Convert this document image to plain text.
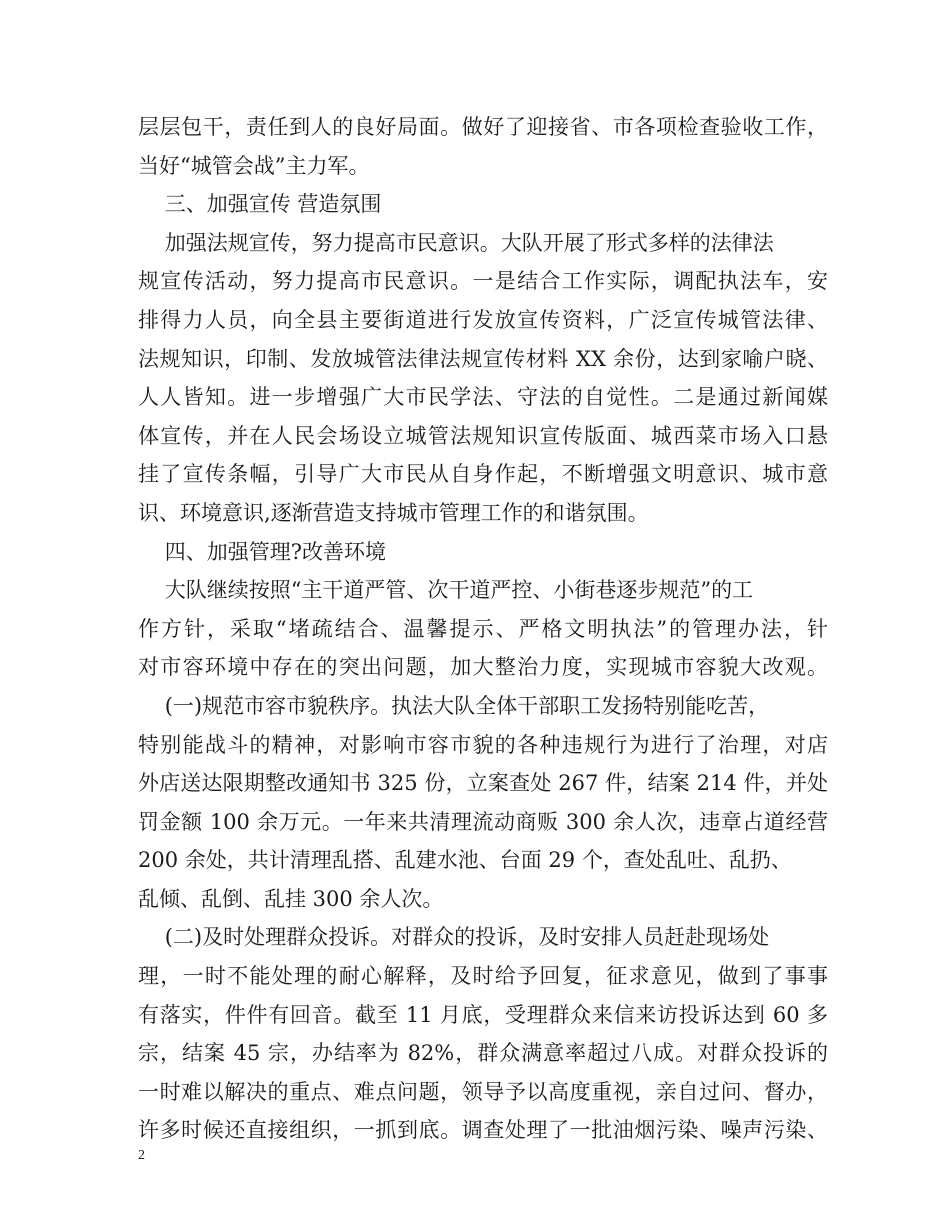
层层包干，责任到人的良好局面。做好了迎接省、市各项检查验收工作，
当好“城管会战”主力军。
三、加强宣传 营造氛围
加强法规宣传，努力提高市民意识。大队开展了形式多样的法律法
规宣传活动，努力提高市民意识。一是结合工作实际，调配执法车，安
排得力人员，向全县主要街道进行发放宣传资料，广泛宣传城管法律、
法规知识，印制、发放城管法律法规宣传材料 XX 余份，达到家喻户晓、
人人皆知。进一步增强广大市民学法、守法的自觉性。二是通过新闻媒
体宣传，并在人民会场设立城管法规知识宣传版面、城西菜市场入口悬
挂了宣传条幅，引导广大市民从自身作起，不断增强文明意识、城市意
识、环境意识,逐渐营造支持城市管理工作的和谐氛围。
四、加强管理?改善环境
大队继续按照“主干道严管、次干道严控、小街巷逐步规范”的工
作方针，采取“堵疏结合、温馨提示、严格文明执法”的管理办法，针
对市容环境中存在的突出问题，加大整治力度，实现城市容貌大改观。
(一)规范市容市貌秩序。执法大队全体干部职工发扬特别能吃苦，
特别能战斗的精神，对影响市容市貌的各种违规行为进行了治理，对店
外店送达限期整改通知书 325 份，立案查处 267 件，结案 214 件，并处
罚金额 100 余万元。一年来共清理流动商贩 300 余人次，违章占道经营
200 余处，共计清理乱搭、乱建水池、台面 29 个，查处乱吐、乱扔、
乱倾、乱倒、乱挂 300 余人次。
(二)及时处理群众投诉。对群众的投诉，及时安排人员赶赴现场处
理，一时不能处理的耐心解释，及时给予回复，征求意见，做到了事事
有落实，件件有回音。截至 11 月底，受理群众来信来访投诉达到 60 多
宗，结案 45 宗，办结率为 82%，群众满意率超过八成。对群众投诉的
一时难以解决的重点、难点问题，领导予以高度重视，亲自过问、督办，
许多时候还直接组织，一抓到底。调查处理了一批油烟污染、噪声污染、
2
